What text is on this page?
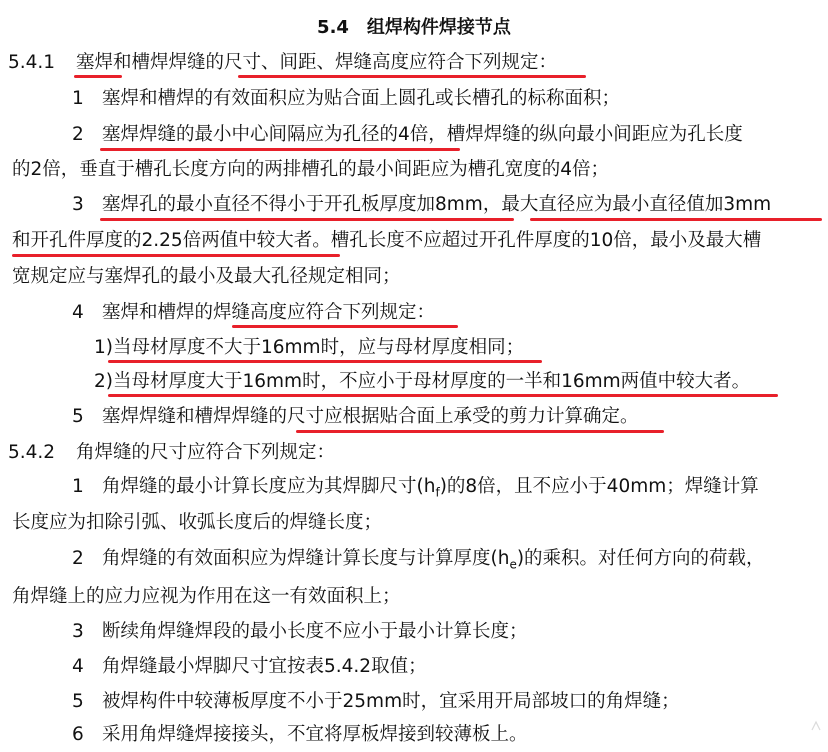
5.4　组焊构件焊接节点
5.4.1 塞焊和槽焊焊缝的尺寸、间距、焊缝高度应符合下列规定：
1 塞焊和槽焊的有效面积应为贴合面上圆孔或长槽孔的标称面积；
2 塞焊焊缝的最小中心间隔应为孔径的4倍，槽焊焊缝的纵向最小间距应为孔长度
的2倍，垂直于槽孔长度方向的两排槽孔的最小间距应为槽孔宽度的4倍；
3 塞焊孔的最小直径不得小于开孔板厚度加8mm，最大直径应为最小直径值加3mm
和开孔件厚度的2.25倍两值中较大者。槽孔长度不应超过开孔件厚度的10倍，最小及最大槽
宽规定应与塞焊孔的最小及最大孔径规定相同；
4 塞焊和槽焊的焊缝高度应符合下列规定：
1)当母材厚度不大于16mm时，应与母材厚度相同；
2)当母材厚度大于16mm时，不应小于母材厚度的一半和16mm两值中较大者。
5 塞焊焊缝和槽焊焊缝的尺寸应根据贴合面上承受的剪力计算确定。
5.4.2 角焊缝的尺寸应符合下列规定：
1 角焊缝的最小计算长度应为其焊脚尺寸$(h_f)$的8倍，且不应小于40mm；焊缝计算
长度应为扣除引弧、收弧长度后的焊缝长度；
2 角焊缝的有效面积应为焊缝计算长度与计算厚度$(h_e)$的乘积。对任何方向的荷载，
角焊缝上的应力应视为作用在这一有效面积上；
3 断续角焊缝焊段的最小长度不应小于最小计算长度；
4 角焊缝最小焊脚尺寸宜按表5.4.2取值；
5 被焊构件中较薄板厚度不小于25mm时，宜采用开局部坡口的角焊缝；
6 采用角焊缝焊接接头，不宜将厚板焊接到较薄板上。
